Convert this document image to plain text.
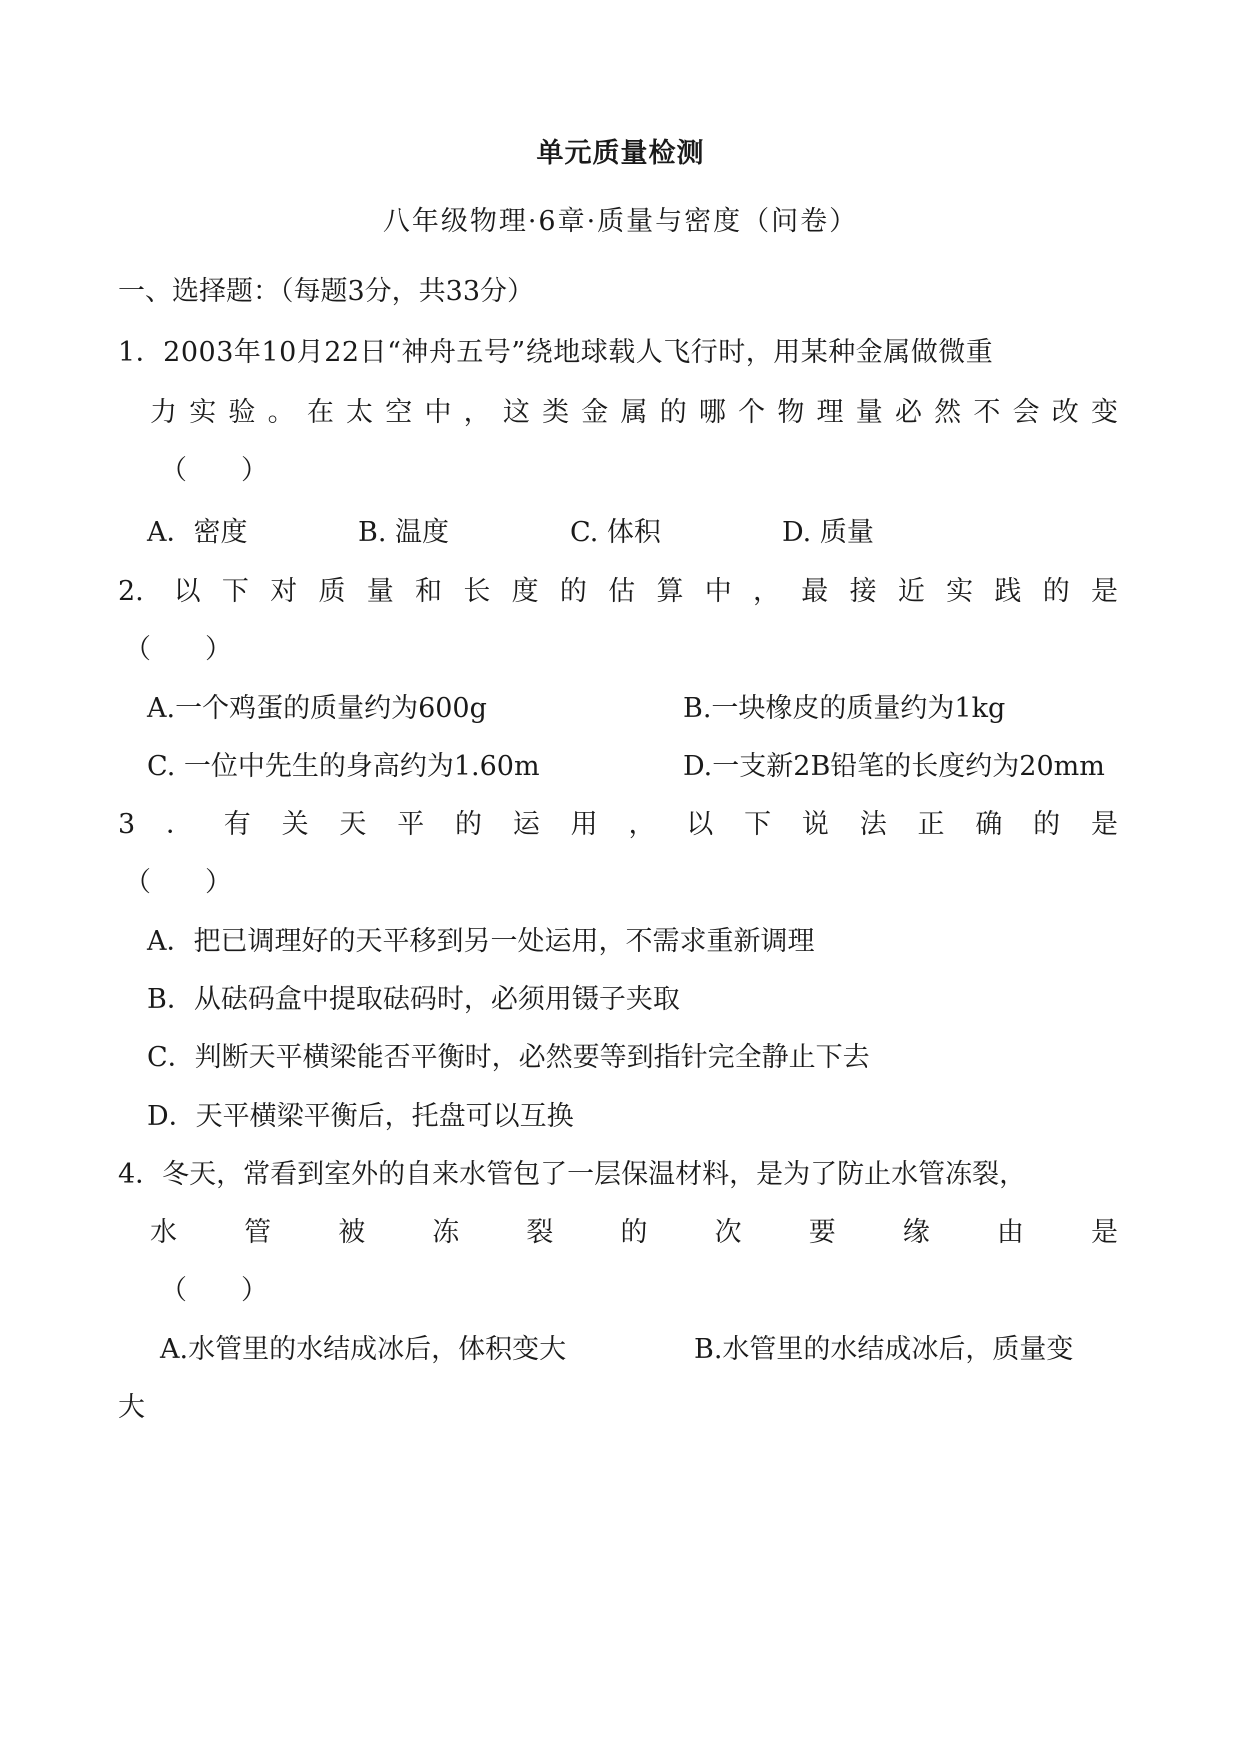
单元质量检测
八年级物理·6章·质量与密度（问卷）
一、选择题：（每题3分，共33分）
1．2003年10月22日“神舟五号”绕地球载人飞行时，用某种金属做微重
力​实​验​。​在​太​空​中​，​这​类​金​属​的​哪​个​物​理​量​必​然​不​会​改​变
（　　）
A．密度	B. 温度	C. 体积	D. 质量
2​.​ ​以​下​对​质​量​和​长​度​的​估​算​中​，​最​接​近​实​践​的​是
（　　）
A.一个鸡蛋的质量约为600g	B.一块橡皮的质量约为1kg
C. 一位中先生的身高约为1.60m	D.一支新2B铅笔的长度约为20mm
3​．​有​关​天​平​的​运​用​，​以​下​说​法​正​确​的​是
（　　）
A．把已调理好的天平移到另一处运用，不需求重新调理
B．从砝码盒中提取砝码时，必须用镊子夹取
C．判断天平横梁能否平衡时，必然要等到指针完全静止下去
D．天平横梁平衡后，托盘可以互换
4．冬天，常看到室外的自来水管包了一层保温材料，是为了防止水管冻裂，
水​管​被​冻​裂​的​次​要​缘​由​是
（　　）
A.水管里的水结成冰后，体积变大	B.水管里的水结成冰后，质量变
大
